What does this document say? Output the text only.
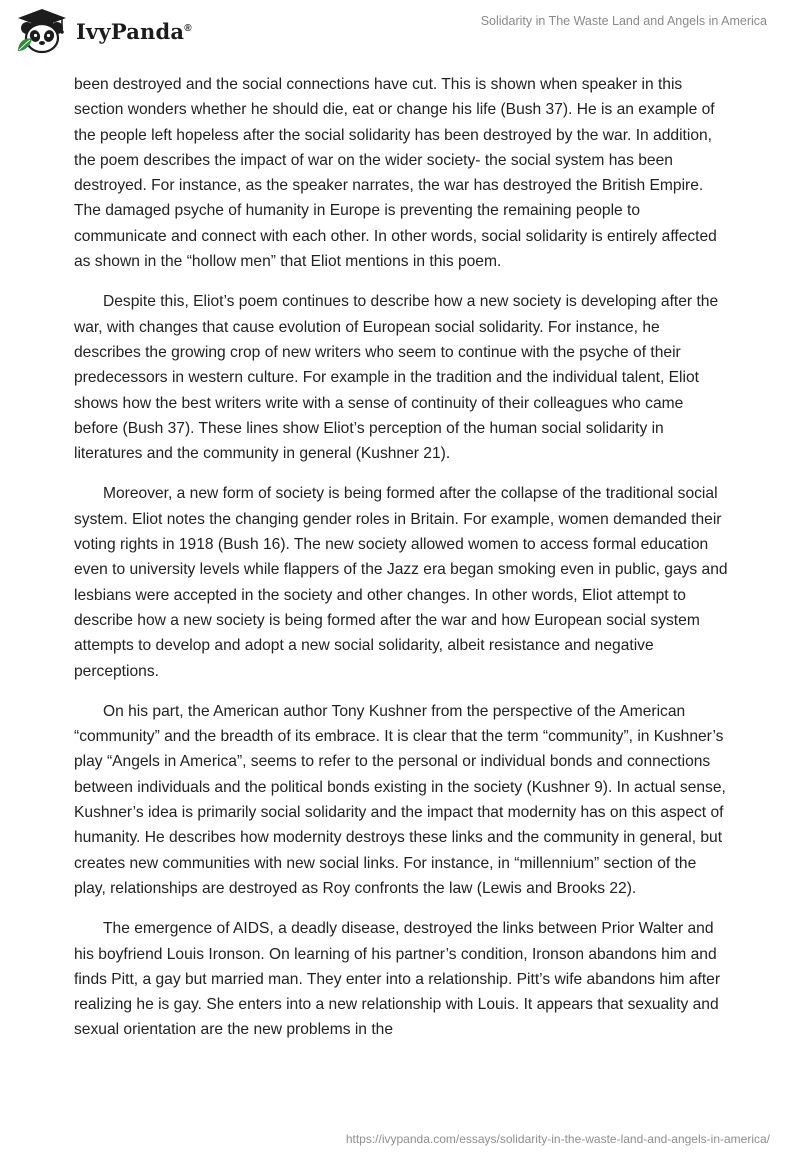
IvyPanda®	Solidarity in The Waste Land and Angels in America

been destroyed and the social connections have cut. This is shown when speaker in this section wonders whether he should die, eat or change his life (Bush 37). He is an example of the people left hopeless after the social solidarity has been destroyed by the war. In addition, the poem describes the impact of war on the wider society- the social system has been destroyed. For instance, as the speaker narrates, the war has destroyed the British Empire. The damaged psyche of humanity in Europe is preventing the remaining people to communicate and connect with each other. In other words, social solidarity is entirely affected as shown in the “hollow men” that Eliot mentions in this poem.

Despite this, Eliot’s poem continues to describe how a new society is developing after the war, with changes that cause evolution of European social solidarity. For instance, he describes the growing crop of new writers who seem to continue with the psyche of their predecessors in western culture. For example in the tradition and the individual talent, Eliot shows how the best writers write with a sense of continuity of their colleagues who came before (Bush 37). These lines show Eliot’s perception of the human social solidarity in literatures and the community in general (Kushner 21).

Moreover, a new form of society is being formed after the collapse of the traditional social system. Eliot notes the changing gender roles in Britain. For example, women demanded their voting rights in 1918 (Bush 16). The new society allowed women to access formal education even to university levels while flappers of the Jazz era began smoking even in public, gays and lesbians were accepted in the society and other changes. In other words, Eliot attempt to describe how a new society is being formed after the war and how European social system attempts to develop and adopt a new social solidarity, albeit resistance and negative perceptions.

On his part, the American author Tony Kushner from the perspective of the American “community” and the breadth of its embrace. It is clear that the term “community”, in Kushner’s play “Angels in America”, seems to refer to the personal or individual bonds and connections between individuals and the political bonds existing in the society (Kushner 9). In actual sense, Kushner’s idea is primarily social solidarity and the impact that modernity has on this aspect of humanity. He describes how modernity destroys these links and the community in general, but creates new communities with new social links. For instance, in “millennium” section of the play, relationships are destroyed as Roy confronts the law (Lewis and Brooks 22).

The emergence of AIDS, a deadly disease, destroyed the links between Prior Walter and his boyfriend Louis Ironson. On learning of his partner’s condition, Ironson abandons him and finds Pitt, a gay but married man. They enter into a relationship. Pitt’s wife abandons him after realizing he is gay. She enters into a new relationship with Louis. It appears that sexuality and sexual orientation are the new problems in the

https://ivypanda.com/essays/solidarity-in-the-waste-land-and-angels-in-america/
